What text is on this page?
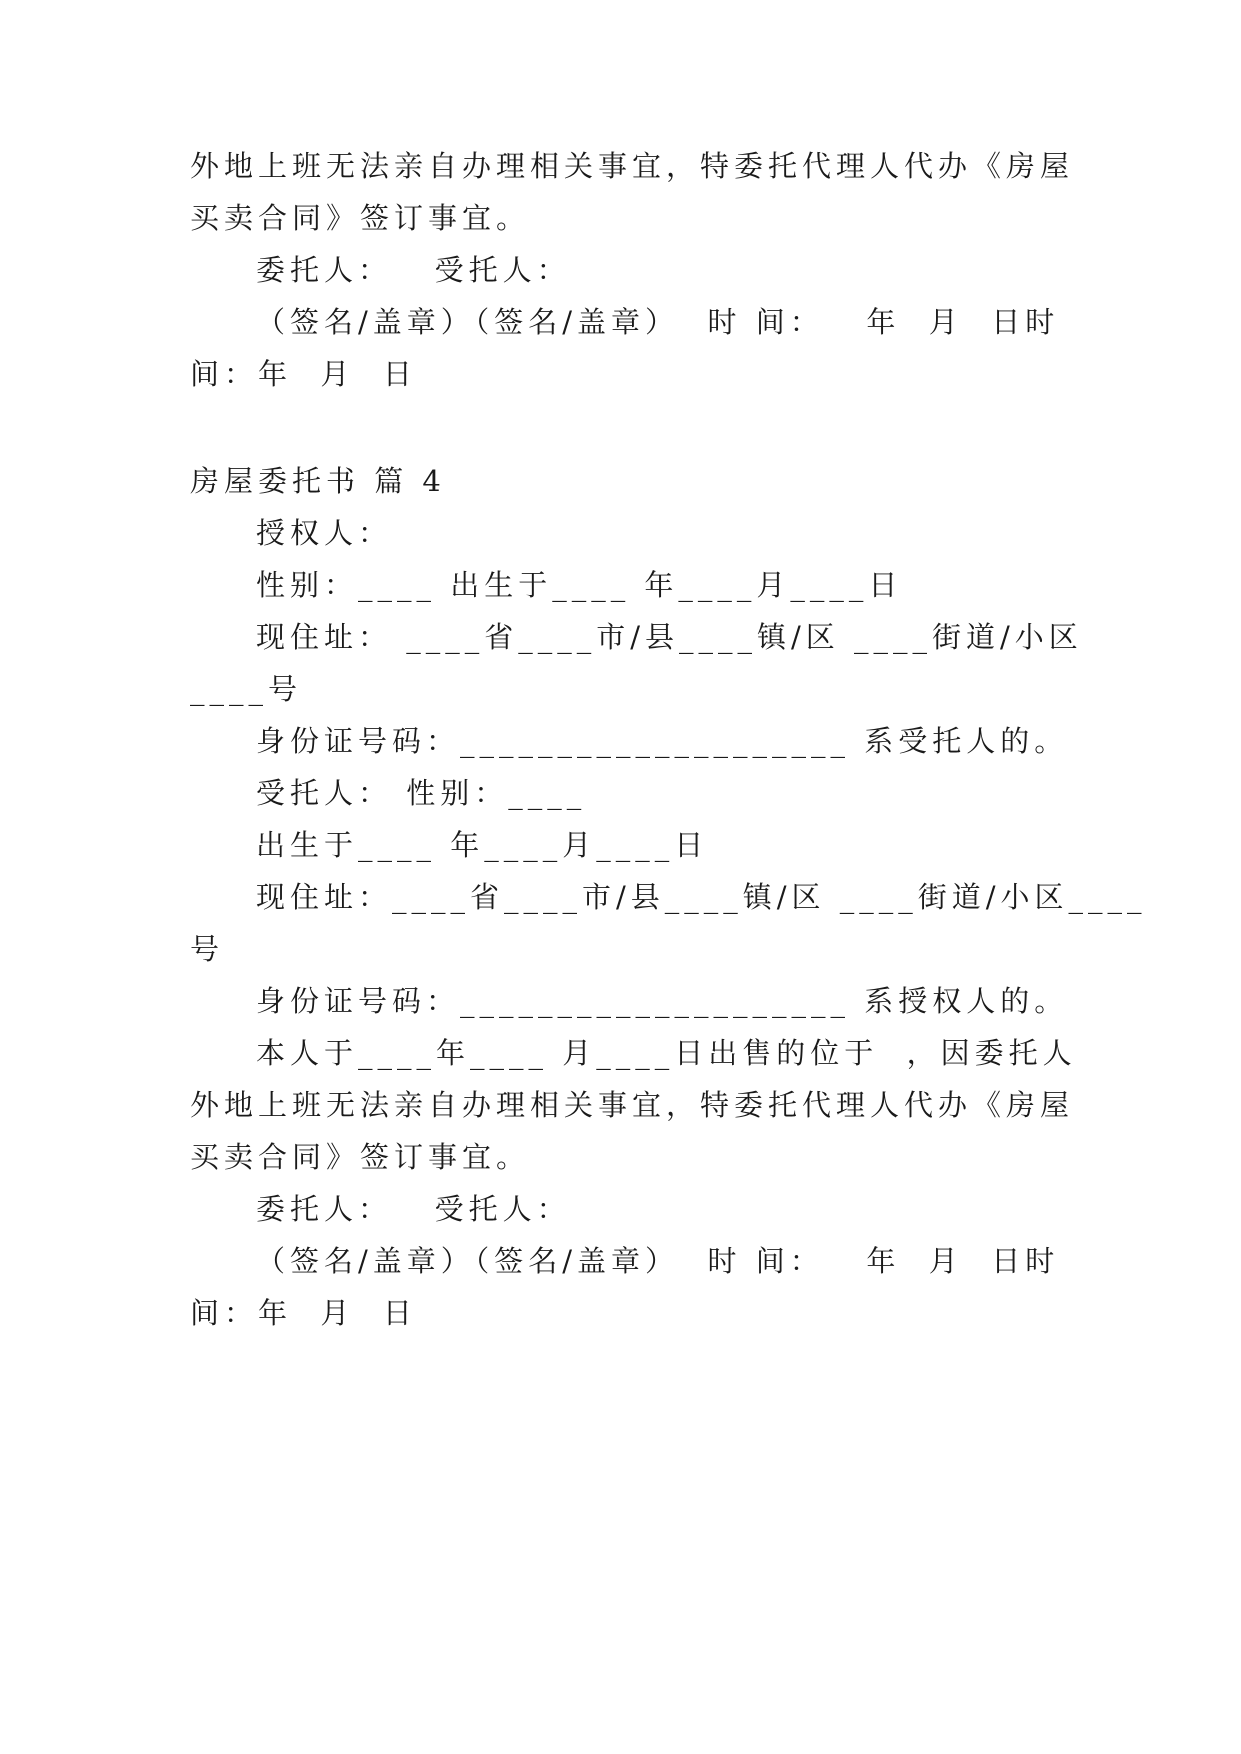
外地上班无法亲自办理相关事宜，特委托代理人代办《房屋
买卖合同》签订事宜。
委托人：   受托人：
（签名/盖章）（签名/盖章）  时 间：   年  月  日时
间：年  月  日
房屋委托书 篇 4
授权人：
性别：____ 出生于____ 年____月____日
现住址： ____省____市/县____镇/区 ____街道/小区
____号
身份证号码：____________________ 系受托人的。
受托人： 性别：____
出生于____ 年____月____日
现住址：____省____市/县____镇/区 ____街道/小区____
号
身份证号码：____________________ 系授权人的。
本人于____年____ 月____日出售的位于  ，因委托人
外地上班无法亲自办理相关事宜，特委托代理人代办《房屋
买卖合同》签订事宜。
委托人：   受托人：
（签名/盖章）（签名/盖章）  时 间：   年  月  日时
间：年  月  日
